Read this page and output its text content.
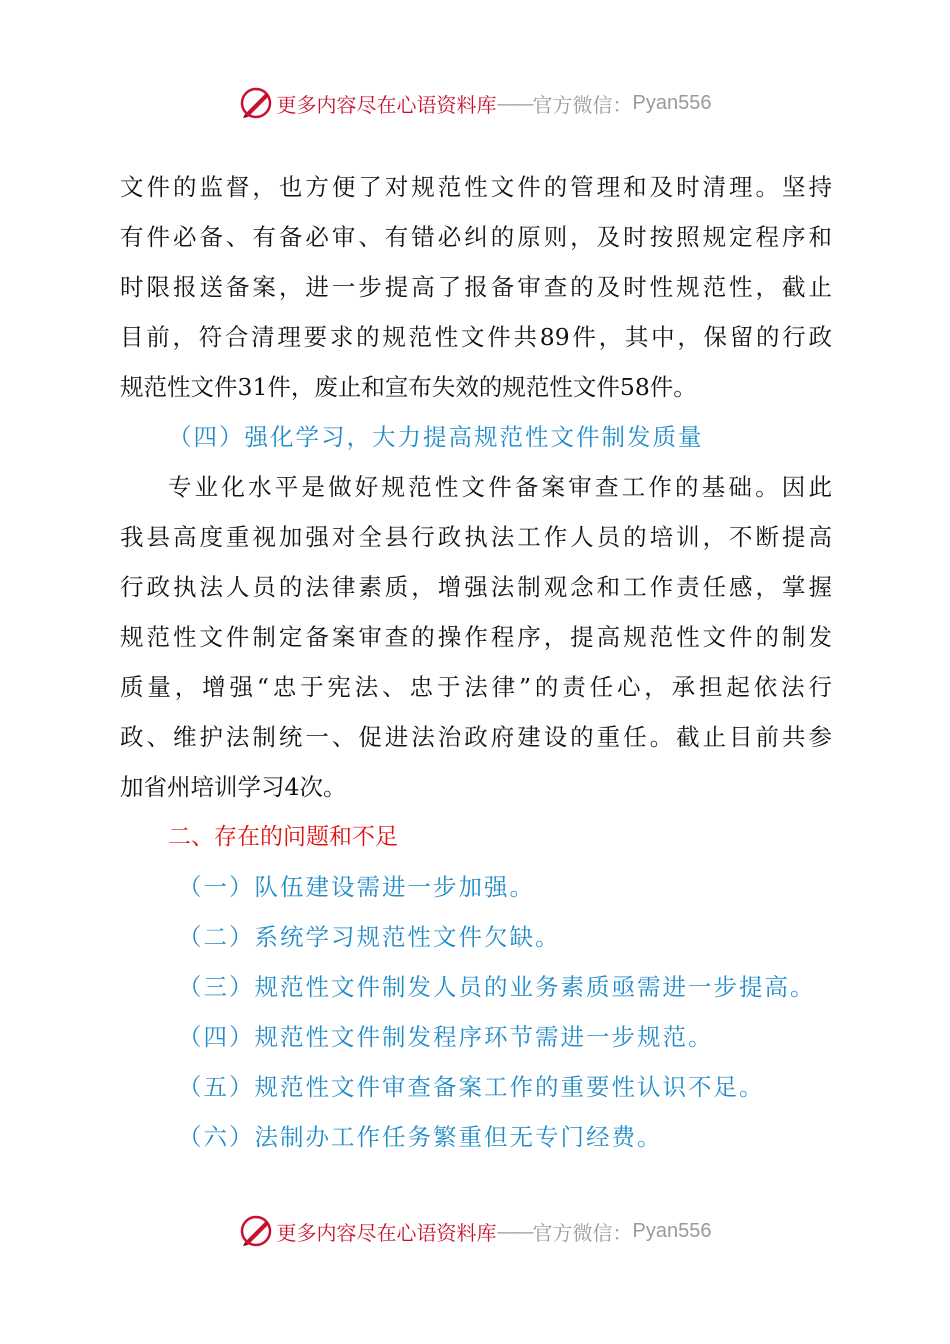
更多内容尽在心语资料库 —— 官方微信： Pyan556
文件的监督，也方便了对规范性文件的管理和及时清理。坚持
有件必备、有备必审、有错必纠的原则，及时按照规定程序和
时限报送备案，进一步提高了报备审查的及时性规范性，截止
目前，符合清理要求的规范性文件共89件，其中，保留的行政
规范性文件31件，废止和宣布失效的规范性文件58件。
（四）强化学习，大力提高规范性文件制发质量
专业化水平是做好规范性文件备案审查工作的基础。因此
我县高度重视加强对全县行政执法工作人员的培训，不断提高
行政执法人员的法律素质，增强法制观念和工作责任感，掌握
规范性文件制定备案审查的操作程序，提高规范性文件的制发
质量，增强“忠于宪法、忠于法律”的责任心，承担起依法行
政、维护法制统一、促进法治政府建设的重任。截止目前共参
加省州培训学习4次。
二、存在的问题和不足
（一）队伍建设需进一步加强。
（二）系统学习规范性文件欠缺。
（三）规范性文件制发人员的业务素质亟需进一步提高。
（四）规范性文件制发程序环节需进一步规范。
（五）规范性文件审查备案工作的重要性认识不足。
（六）法制办工作任务繁重但无专门经费。
更多内容尽在心语资料库 —— 官方微信： Pyan556
